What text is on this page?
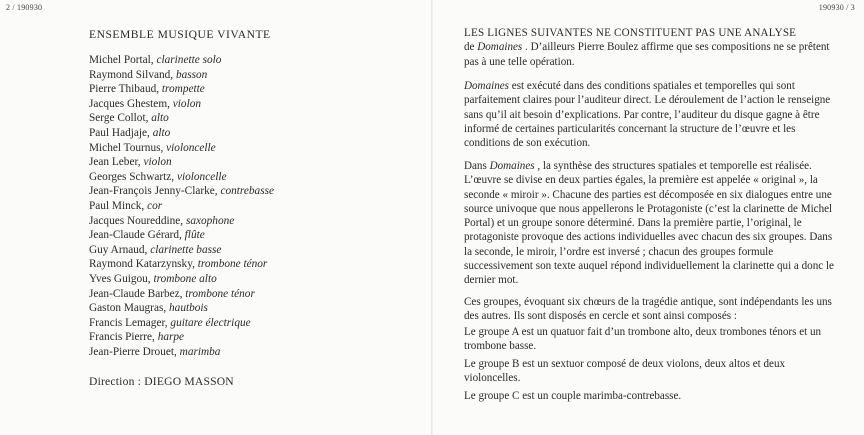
2 / 190930
ENSEMBLE MUSIQUE VIVANTE
Michel Portal, clarinette solo
Raymond Silvand, basson
Pierre Thibaud, trompette
Jacques Ghestem, violon
Serge Collot, alto
Paul Hadjaje, alto
Michel Tournus, violoncelle
Jean Leber, violon
Georges Schwartz, violoncelle
Jean-François Jenny-Clarke, contrebasse
Paul Minck, cor
Jacques Noureddine, saxophone
Jean-Claude Gérard, flûte
Guy Arnaud, clarinette basse
Raymond Katarzynsky, trombone ténor
Yves Guigou, trombone alto
Jean-Claude Barbez, trombone ténor
Gaston Maugras, hautbois
Francis Lemager, guitare électrique
Francis Pierre, harpe
Jean-Pierre Drouet, marimba
Direction : DIEGO MASSON
190930 / 3
LES LIGNES SUIVANTES NE CONSTITUENT PAS UNE ANALYSE
de Domaines . D’ailleurs Pierre Boulez affirme que ses compositions ne se prêtent pas à une telle opération.
Domaines est exécuté dans des conditions spatiales et temporelles qui sont parfaitement claires pour l’auditeur direct. Le déroulement de l’action le renseigne sans qu’il ait besoin d’explications. Par contre, l’auditeur du disque gagne à être informé de certaines particularités concernant la structure de l’œuvre et les conditions de son exécution.
Dans Domaines , la synthèse des structures spatiales et temporelle est réalisée. L’œuvre se divise en deux parties égales, la première est appelée « original », la seconde « miroir ». Chacune des parties est décomposée en six dialogues entre une source univoque que nous appellerons le Protagoniste (c’est la clarinette de Michel Portal) et un groupe sonore déterminé. Dans la première partie, l’original, le protagoniste provoque des actions individuelles avec chacun des six groupes. Dans la seconde, le miroir, l’ordre est inversé ; chacun des groupes formule successivement son texte auquel répond individuellement la clarinette qui a donc le dernier mot.
Ces groupes, évoquant six chœurs de la tragédie antique, sont indépendants les uns des autres. Ils sont disposés en cercle et sont ainsi composés :
Le groupe A est un quatuor fait d’un trombone alto, deux trombones ténors et un trombone basse.
Le groupe B est un sextuor composé de deux violons, deux altos et deux violoncelles.
Le groupe C est un couple marimba-contrebasse.
